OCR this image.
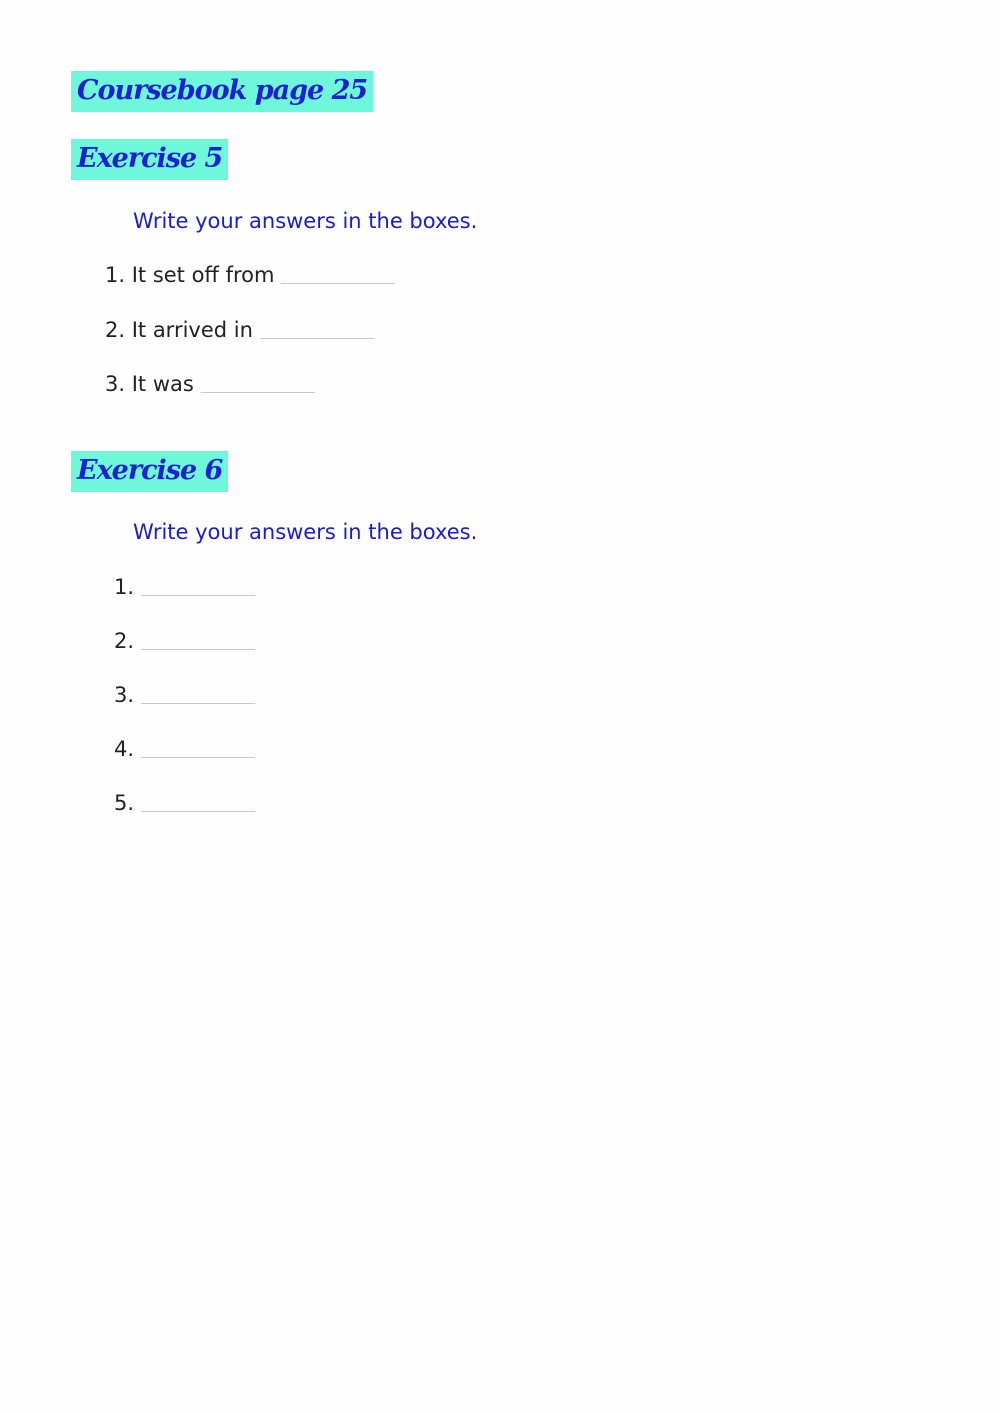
Coursebook page 25
Exercise 5
Write your answers in the boxes.
1. It set off from
2. It arrived in
3. It was
Exercise 6
Write your answers in the boxes.
1.
2.
3.
4.
5.
